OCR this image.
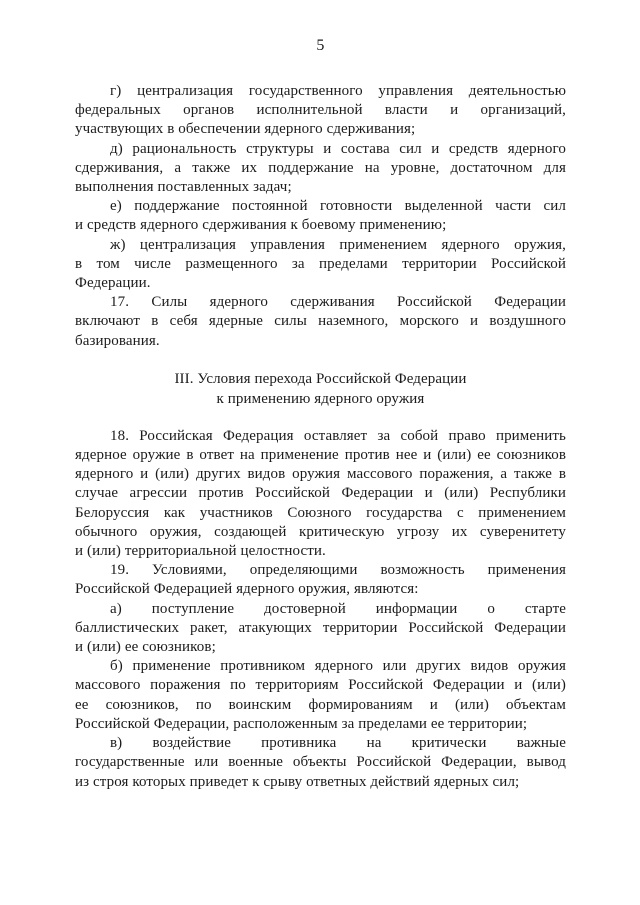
5
г) централизация государственного управления деятельностью
федеральных органов исполнительной власти и организаций,
участвующих в обеспечении ядерного сдерживания;
д) рациональность структуры и состава сил и средств ядерного
сдерживания, а также их поддержание на уровне, достаточном для
выполнения поставленных задач;
е) поддержание постоянной готовности выделенной части сил
и средств ядерного сдерживания к боевому применению;
ж) централизация управления применением ядерного оружия,
в том числе размещенного за пределами территории Российской
Федерации.
17. Силы ядерного сдерживания Российской Федерации
включают в себя ядерные силы наземного, морского и воздушного
базирования.
III. Условия перехода Российской Федерации
к применению ядерного оружия
18. Российская Федерация оставляет за собой право применить
ядерное оружие в ответ на применение против нее и (или) ее союзников
ядерного и (или) других видов оружия массового поражения, а также в
случае агрессии против Российской Федерации и (или) Республики
Белоруссия как участников Союзного государства с применением
обычного оружия, создающей критическую угрозу их суверенитету
и (или) территориальной целостности.
19. Условиями, определяющими возможность применения
Российской Федерацией ядерного оружия, являются:
а) поступление достоверной информации о старте
баллистических ракет, атакующих территории Российской Федерации
и (или) ее союзников;
б) применение противником ядерного или других видов оружия
массового поражения по территориям Российской Федерации и (или)
ее союзников, по воинским формированиям и (или) объектам
Российской Федерации, расположенным за пределами ее территории;
в) воздействие противника на критически важные
государственные или военные объекты Российской Федерации, вывод
из строя которых приведет к срыву ответных действий ядерных сил;
